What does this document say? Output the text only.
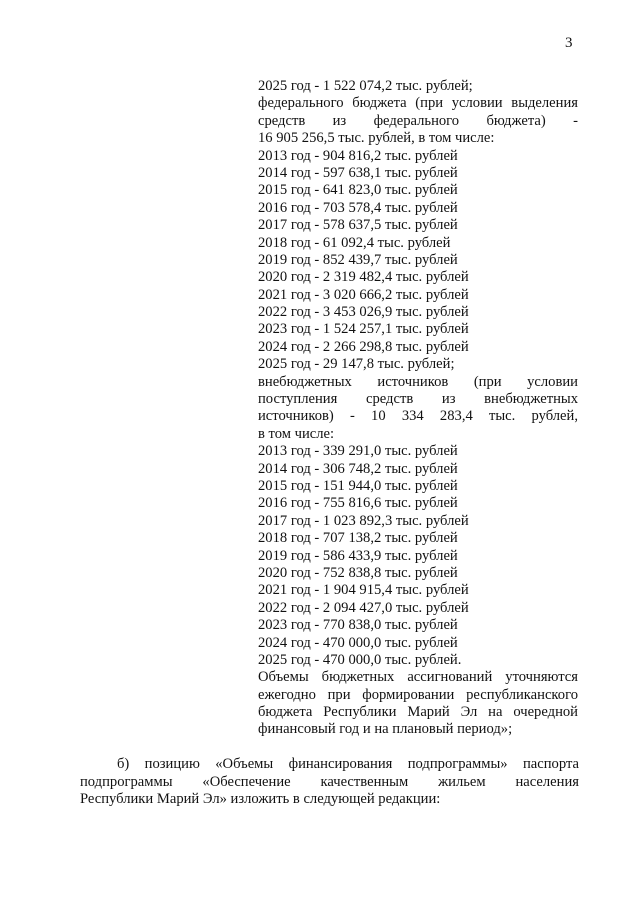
3
2025 год - 1 522 074,2 тыс. рублей;
федерального бюджета (при условии выделения
средств из федерального бюджета) -
16 905 256,5 тыс. рублей, в том числе:
2013 год - 904 816,2 тыс. рублей
2014 год - 597 638,1 тыс. рублей
2015 год - 641 823,0 тыс. рублей
2016 год - 703 578,4 тыс. рублей
2017 год - 578 637,5 тыс. рублей
2018 год - 61 092,4 тыс. рублей
2019 год - 852 439,7 тыс. рублей
2020 год - 2 319 482,4 тыс. рублей
2021 год - 3 020 666,2 тыс. рублей
2022 год - 3 453 026,9 тыс. рублей
2023 год - 1 524 257,1 тыс. рублей
2024 год - 2 266 298,8 тыс. рублей
2025 год - 29 147,8 тыс. рублей;
внебюджетных источников (при условии
поступления средств из внебюджетных
источников) - 10 334 283,4 тыс. рублей,
в том числе:
2013 год - 339 291,0 тыс. рублей
2014 год - 306 748,2 тыс. рублей
2015 год - 151 944,0 тыс. рублей
2016 год - 755 816,6 тыс. рублей
2017 год - 1 023 892,3 тыс. рублей
2018 год - 707 138,2 тыс. рублей
2019 год - 586 433,9 тыс. рублей
2020 год - 752 838,8 тыс. рублей
2021 год - 1 904 915,4 тыс. рублей
2022 год - 2 094 427,0 тыс. рублей
2023 год - 770 838,0 тыс. рублей
2024 год - 470 000,0 тыс. рублей
2025 год - 470 000,0 тыс. рублей.
Объемы бюджетных ассигнований уточняются
ежегодно при формировании республиканского
бюджета Республики Марий Эл на очередной
финансовый год и на плановый период»;
б) позицию «Объемы финансирования подпрограммы» паспорта
подпрограммы «Обеспечение качественным жильем населения
Республики Марий Эл» изложить в следующей редакции:
